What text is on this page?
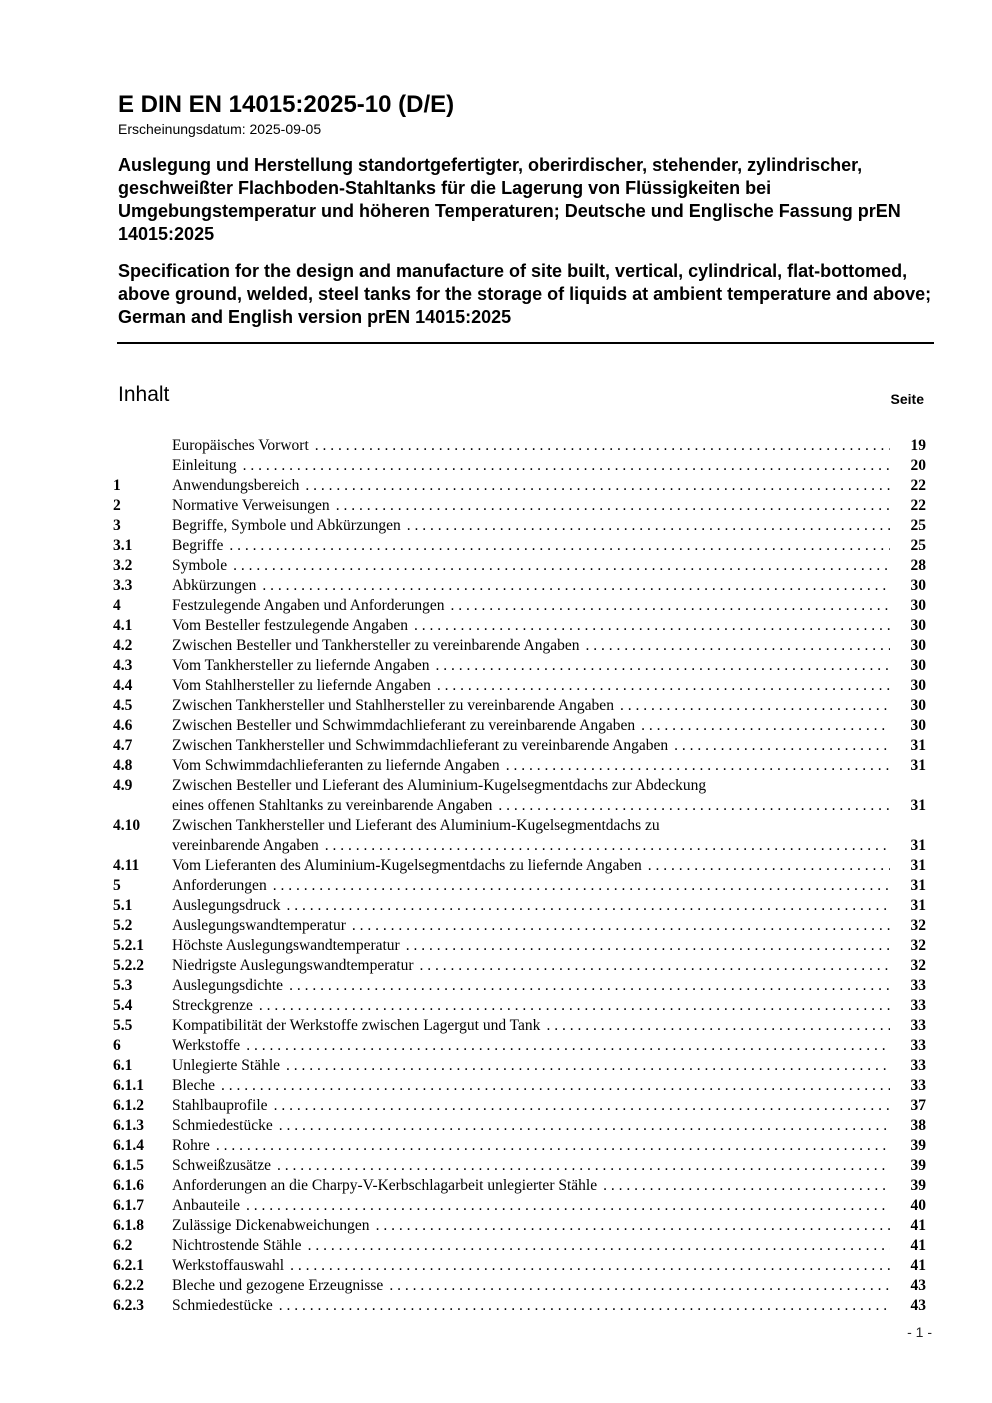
E DIN EN 14015:2025-10 (D/E)

Erscheinungsdatum: 2025-09-05

Auslegung und Herstellung standortgefertigter, oberirdischer, stehender, zylindrischer, geschweißter Flachboden-Stahltanks für die Lagerung von Flüssigkeiten bei Umgebungstemperatur und höheren Temperaturen; Deutsche und Englische Fassung prEN 14015:2025

Specification for the design and manufacture of site built, vertical, cylindrical, flat-bottomed, above ground, welded, steel tanks for the storage of liquids at ambient temperature and above; German and English version prEN 14015:2025

Inhalt	Seite
Europäisches Vorwort . . .	19
Einleitung . . .	20
1	Anwendungsbereich . . .	22
2	Normative Verweisungen . . .	22
3	Begriffe, Symbole und Abkürzungen . . .	25
3.1	Begriffe . . .	25
3.2	Symbole . . .	28
3.3	Abkürzungen . . .	30
4	Festzulegende Angaben und Anforderungen . . .	30
4.1	Vom Besteller festzulegende Angaben . . .	30
4.2	Zwischen Besteller und Tankhersteller zu vereinbarende Angaben . . .	30
4.3	Vom Tankhersteller zu liefernde Angaben . . .	30
4.4	Vom Stahlhersteller zu liefernde Angaben . . .	30
4.5	Zwischen Tankhersteller und Stahlhersteller zu vereinbarende Angaben . . .	30
4.6	Zwischen Besteller und Schwimmdachlieferant zu vereinbarende Angaben . . .	30
4.7	Zwischen Tankhersteller und Schwimmdachlieferant zu vereinbarende Angaben . . .	31
4.8	Vom Schwimmdachlieferanten zu liefernde Angaben . . .	31
4.9	Zwischen Besteller und Lieferant des Aluminium-Kugelsegmentdachs zur Abdeckung
eines offenen Stahltanks zu vereinbarende Angaben . . .	31
4.10	Zwischen Tankhersteller und Lieferant des Aluminium-Kugelsegmentdachs zu
vereinbarende Angaben . . .	31
4.11	Vom Lieferanten des Aluminium-Kugelsegmentdachs zu liefernde Angaben . . .	31
5	Anforderungen . . .	31
5.1	Auslegungsdruck . . .	31
5.2	Auslegungswandtemperatur . . .	32
5.2.1	Höchste Auslegungswandtemperatur . . .	32
5.2.2	Niedrigste Auslegungswandtemperatur . . .	32
5.3	Auslegungsdichte . . .	33
5.4	Streckgrenze . . .	33
5.5	Kompatibilität der Werkstoffe zwischen Lagergut und Tank . . .	33
6	Werkstoffe . . .	33
6.1	Unlegierte Stähle . . .	33
6.1.1	Bleche . . .	33
6.1.2	Stahlbauprofile . . .	37
6.1.3	Schmiedestücke . . .	38
6.1.4	Rohre . . .	39
6.1.5	Schweißzusätze . . .	39
6.1.6	Anforderungen an die Charpy-V-Kerbschlagarbeit unlegierter Stähle . . .	39
6.1.7	Anbauteile . . .	40
6.1.8	Zulässige Dickenabweichungen . . .	41
6.2	Nichtrostende Stähle . . .	41
6.2.1	Werkstoffauswahl . . .	41
6.2.2	Bleche und gezogene Erzeugnisse . . .	43
6.2.3	Schmiedestücke . . .	43
- 1 -
